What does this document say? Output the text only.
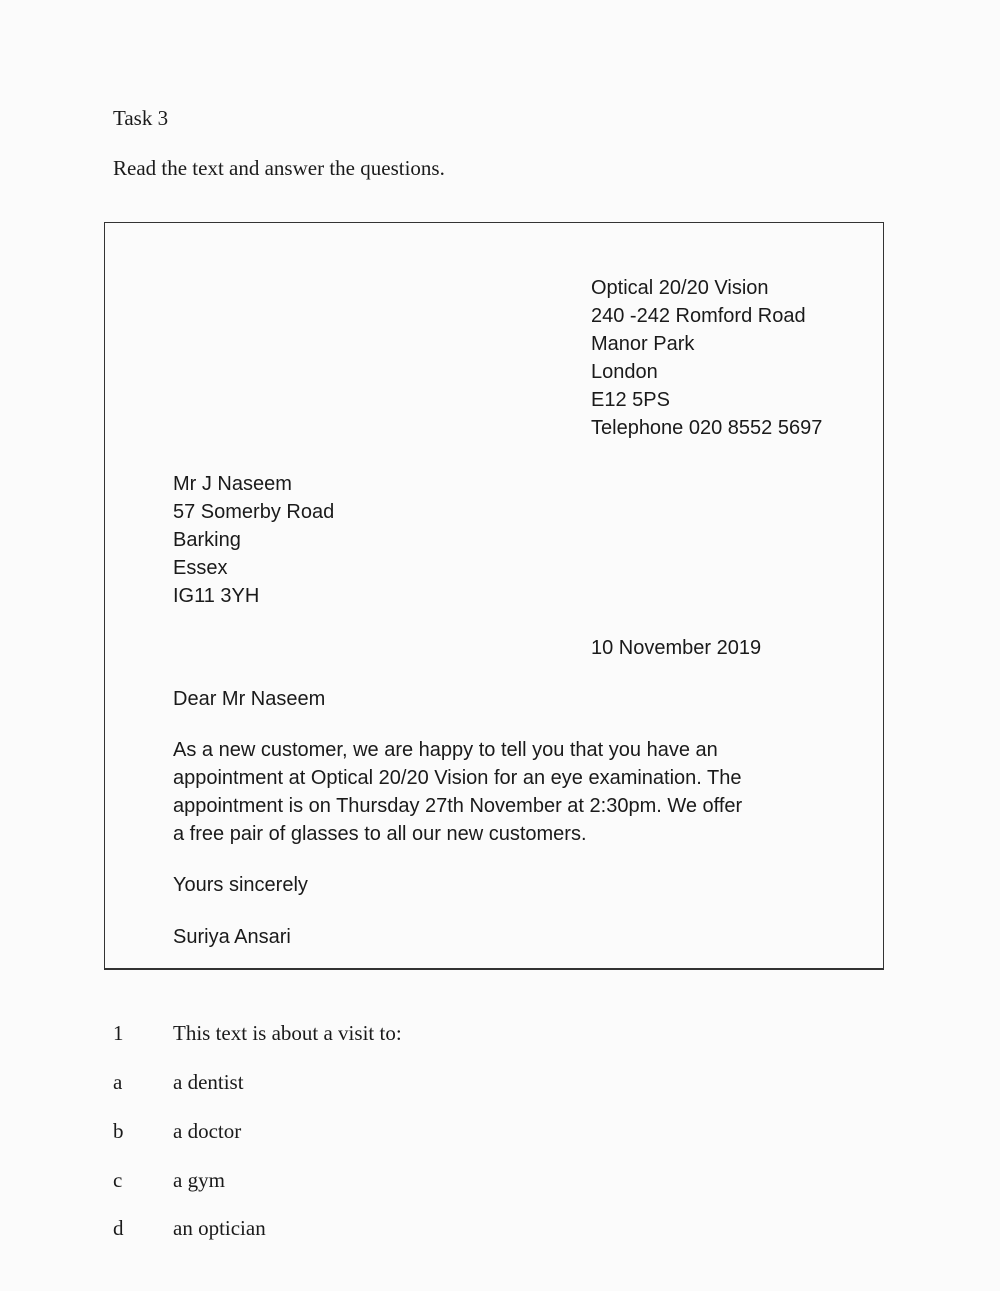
Task 3
Read the text and answer the questions.
Optical 20/20 Vision
240 -242 Romford Road
Manor Park
London
E12 5PS
Telephone 020 8552 5697
Mr J Naseem
57 Somerby Road
Barking
Essex
IG11 3YH
10 November 2019
Dear Mr Naseem
As a new customer, we are happy to tell you that you have an
appointment at Optical 20/20 Vision for an eye examination. The
appointment is on Thursday 27th November at 2:30pm. We offer
a free pair of glasses to all our new customers.
Yours sincerely
Suriya Ansari
1 This text is about a visit to:
a a dentist
b a doctor
c a gym
d an optician
